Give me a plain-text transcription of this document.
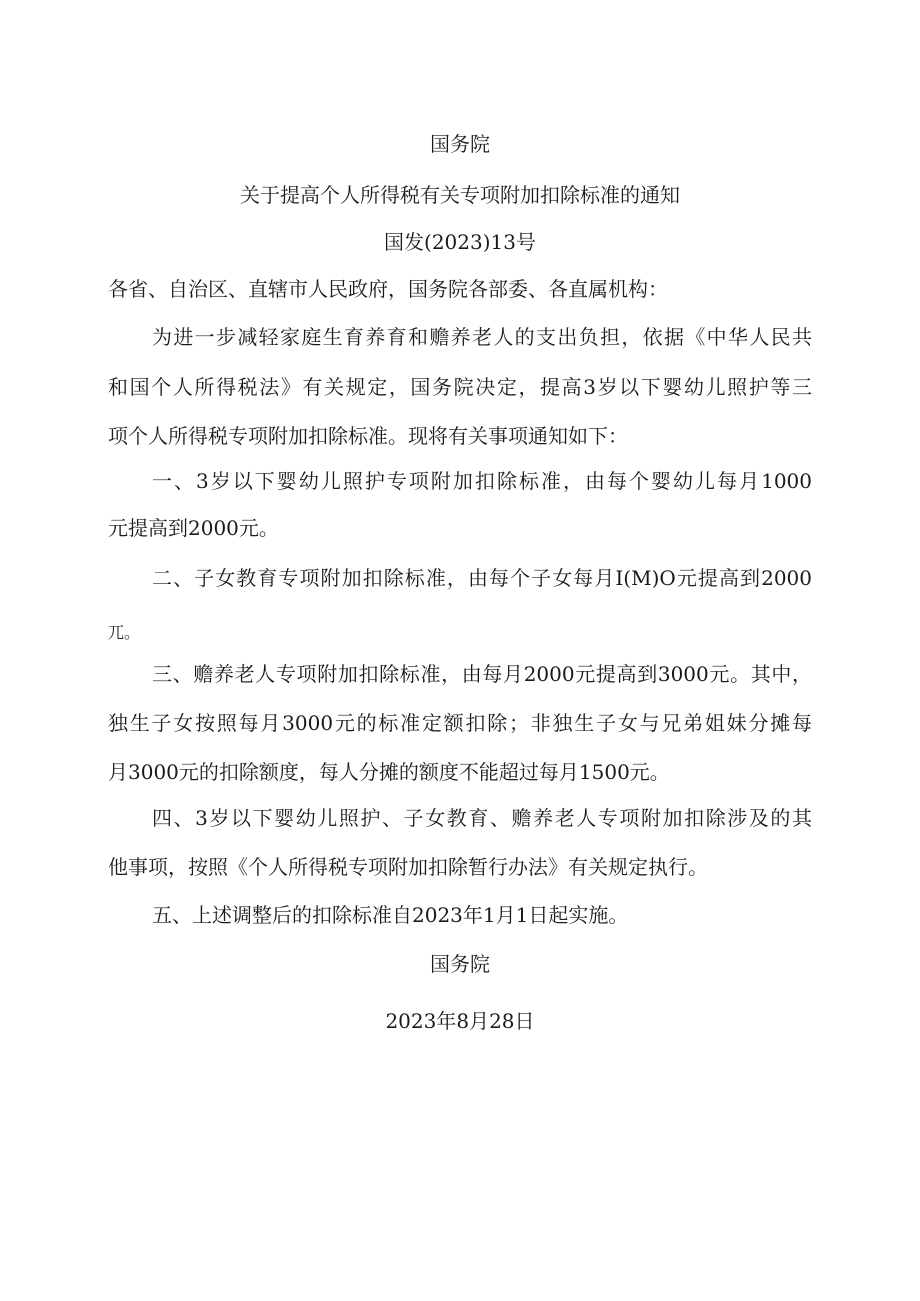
国务院
关于提高个人所得税有关专项附加扣除标准的通知
国发(2023)13号
各省、自治区、直辖市人民政府，国务院各部委、各直属机构：
为进一步减轻家庭生育养育和赡养老人的支出负担，依据《中华人民共
和国个人所得税法》有关规定，国务院决定，提高3岁以下婴幼儿照护等三
项个人所得税专项附加扣除标准。现将有关事项通知如下：
一、3岁以下婴幼儿照护专项附加扣除标准，由每个婴幼儿每月1000
元提高到2000元。
二、子女教育专项附加扣除标准，由每个子女每月I(M)O元提高到2000
兀。
三、赡养老人专项附加扣除标准，由每月2000元提高到3000元。其中，
独生子女按照每月3000元的标准定额扣除；非独生子女与兄弟姐妹分摊每
月3000元的扣除额度，每人分摊的额度不能超过每月1500元。
四、3岁以下婴幼儿照护、子女教育、赡养老人专项附加扣除涉及的其
他事项，按照《个人所得税专项附加扣除暂行办法》有关规定执行。
五、上述调整后的扣除标准自2023年1月1日起实施。
国务院
2023年8月28日
